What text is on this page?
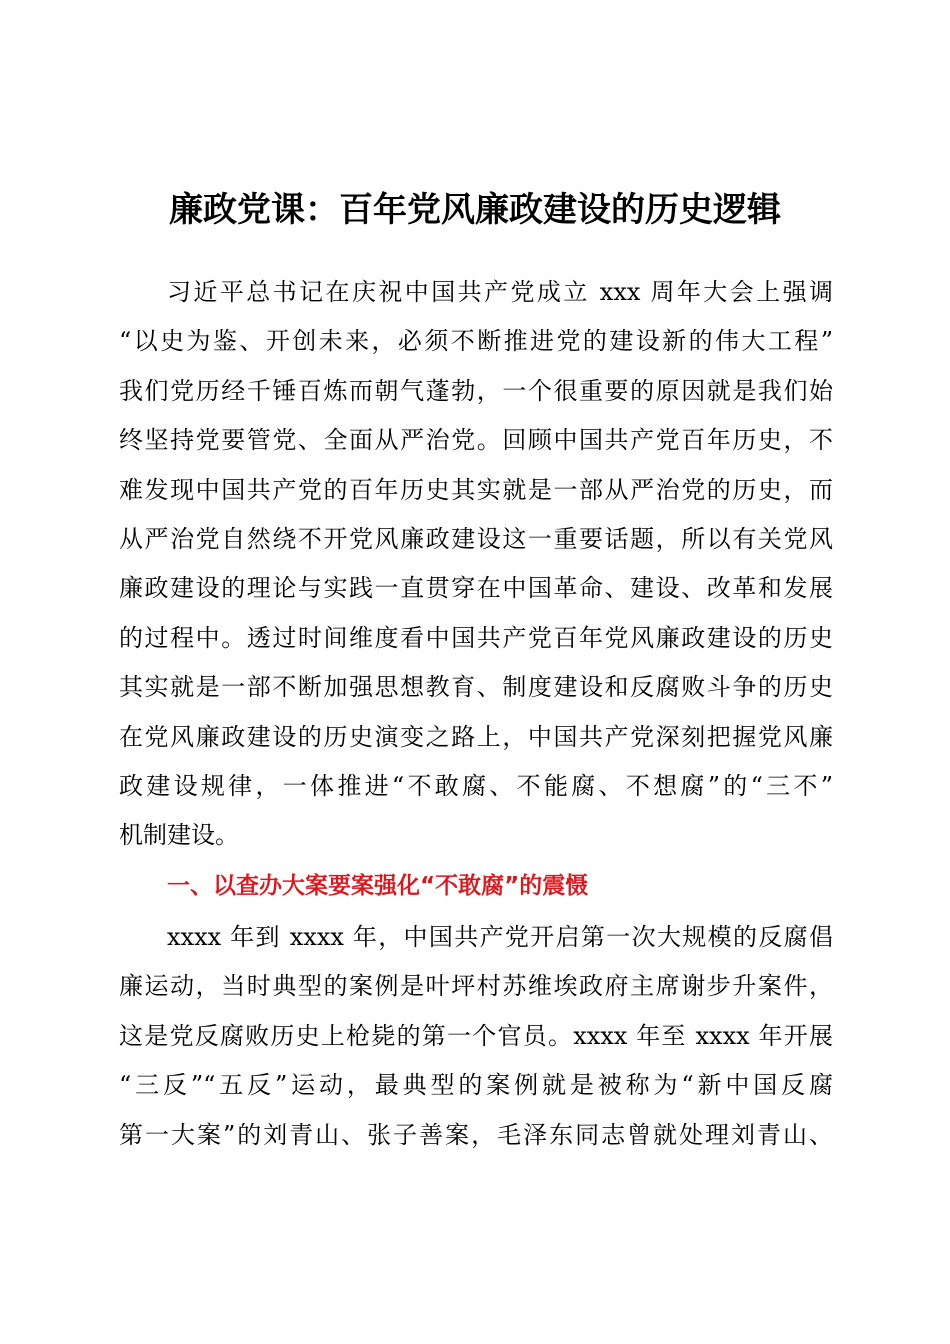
廉政党课：百年党风廉政建设的历史逻辑
习近平总书记在庆祝中国共产党成立 xxx 周年大会上强调
“以史为鉴、开创未来，必须不断推进党的建设新的伟大工程”
我们党历经千锤百炼而朝气蓬勃，一个很重要的原因就是我们始
终坚持党要管党、全面从严治党。回顾中国共产党百年历史，不
难发现中国共产党的百年历史其实就是一部从严治党的历史，而
从严治党自然绕不开党风廉政建设这一重要话题，所以有关党风
廉政建设的理论与实践一直贯穿在中国革命、建设、改革和发展
的过程中。透过时间维度看中国共产党百年党风廉政建设的历史
其实就是一部不断加强思想教育、制度建设和反腐败斗争的历史
在党风廉政建设的历史演变之路上，中国共产党深刻把握党风廉
政建设规律，一体推进“不敢腐、不能腐、不想腐”的“三不”
机制建设。
一、以查办大案要案强化“不敢腐”的震慑
xxxx 年到 xxxx 年，中国共产党开启第一次大规模的反腐倡
廉运动，当时典型的案例是叶坪村苏维埃政府主席谢步升案件，
这是党反腐败历史上枪毙的第一个官员。xxxx 年至 xxxx 年开展
“三反”“五反”运动，最典型的案例就是被称为“新中国反腐
第一大案”的刘青山、张子善案，毛泽东同志曾就处理刘青山、
